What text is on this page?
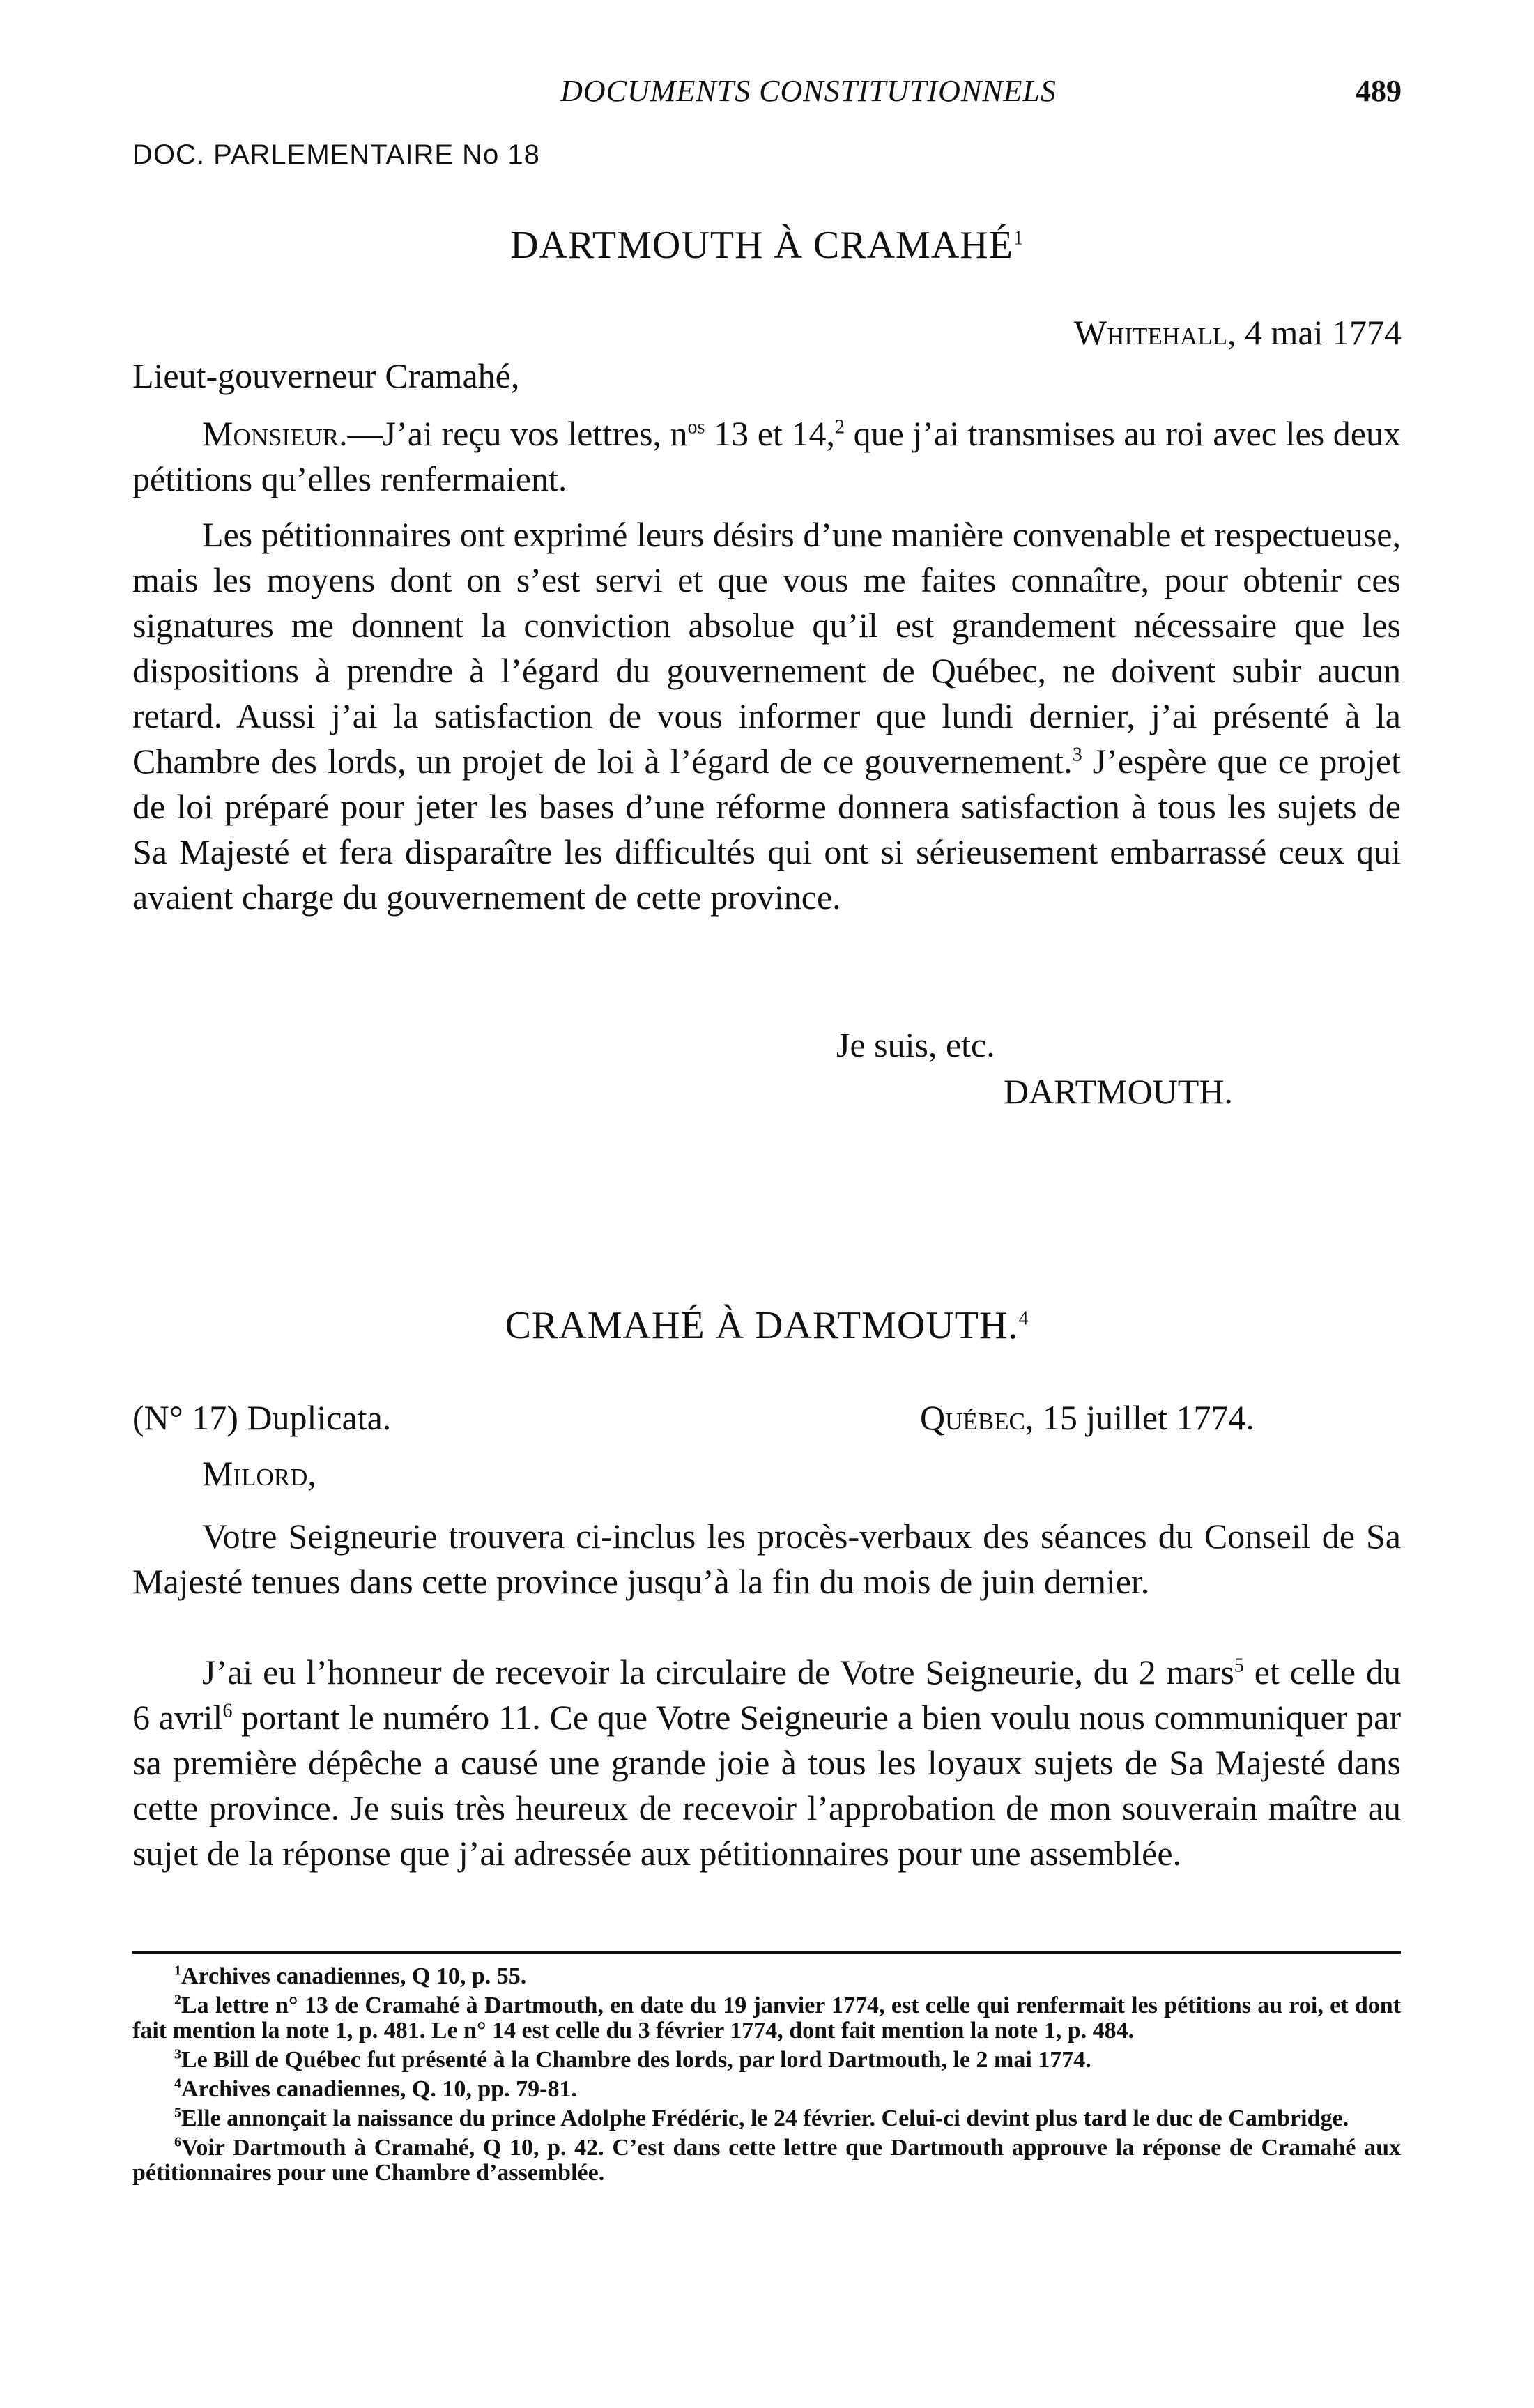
DOCUMENTS CONSTITUTIONNELS	489
DOC. PARLEMENTAIRE No 18
DARTMOUTH À CRAMAHÉ$^1$
Whitehall, 4 mai 1774
Lieut-gouverneur Cramahé,

Monsieur.—J’ai reçu vos lettres, $n^{os}$ 13 et 14,$^2$ que j’ai transmises au roi avec les deux pétitions qu’elles renfermaient.

Les pétitionnaires ont exprimé leurs désirs d’une manière convenable et respectueuse, mais les moyens dont on s’est servi et que vous me faites connaître, pour obtenir ces signatures me donnent la conviction absolue qu’il est grandement nécessaire que les dispositions à prendre à l’égard du gouvernement de Québec, ne doivent subir aucun retard. Aussi j’ai la satisfaction de vous informer que lundi dernier, j’ai présenté à la Chambre des lords, un projet de loi à l’égard de ce gouvernement.$^3$ J’espère que ce projet de loi préparé pour jeter les bases d’une réforme donnera satisfaction à tous les sujets de Sa Majesté et fera disparaître les difficultés qui ont si sérieusement embarrassé ceux qui avaient charge du gouvernement de cette province.

Je suis, etc.
DARTMOUTH.
CRAMAHÉ À DARTMOUTH.$^4$
(N° 17) Duplicata.	Québec, 15 juillet 1774.
Milord,

Votre Seigneurie trouvera ci-inclus les procès-verbaux des séances du Conseil de Sa Majesté tenues dans cette province jusqu’à la fin du mois de juin dernier.

J’ai eu l’honneur de recevoir la circulaire de Votre Seigneurie, du 2 mars$^5$ et celle du 6 avril$^6$ portant le numéro 11. Ce que Votre Seigneurie a bien voulu nous communiquer par sa première dépêche a causé une grande joie à tous les loyaux sujets de Sa Majesté dans cette province. Je suis très heureux de recevoir l’approbation de mon souverain maître au sujet de la réponse que j’ai adressée aux pétitionnaires pour une assemblée.

$^1$Archives canadiennes, Q 10, p. 55.

$^2$La lettre n° 13 de Cramahé à Dartmouth, en date du 19 janvier 1774, est celle qui renfermait les pétitions au roi, et dont fait mention la note 1, p. 481. Le n° 14 est celle du 3 février 1774, dont fait mention la note 1, p. 484.

$^3$Le Bill de Québec fut présenté à la Chambre des lords, par lord Dartmouth, le 2 mai 1774.

$^4$Archives canadiennes, Q. 10, pp. 79-81.

$^5$Elle annonçait la naissance du prince Adolphe Frédéric, le 24 février. Celui-ci devint plus tard le duc de Cambridge.

$^6$Voir Dartmouth à Cramahé, Q 10, p. 42. C’est dans cette lettre que Dartmouth approuve la réponse de Cramahé aux pétitionnaires pour une Chambre d’assemblée.
